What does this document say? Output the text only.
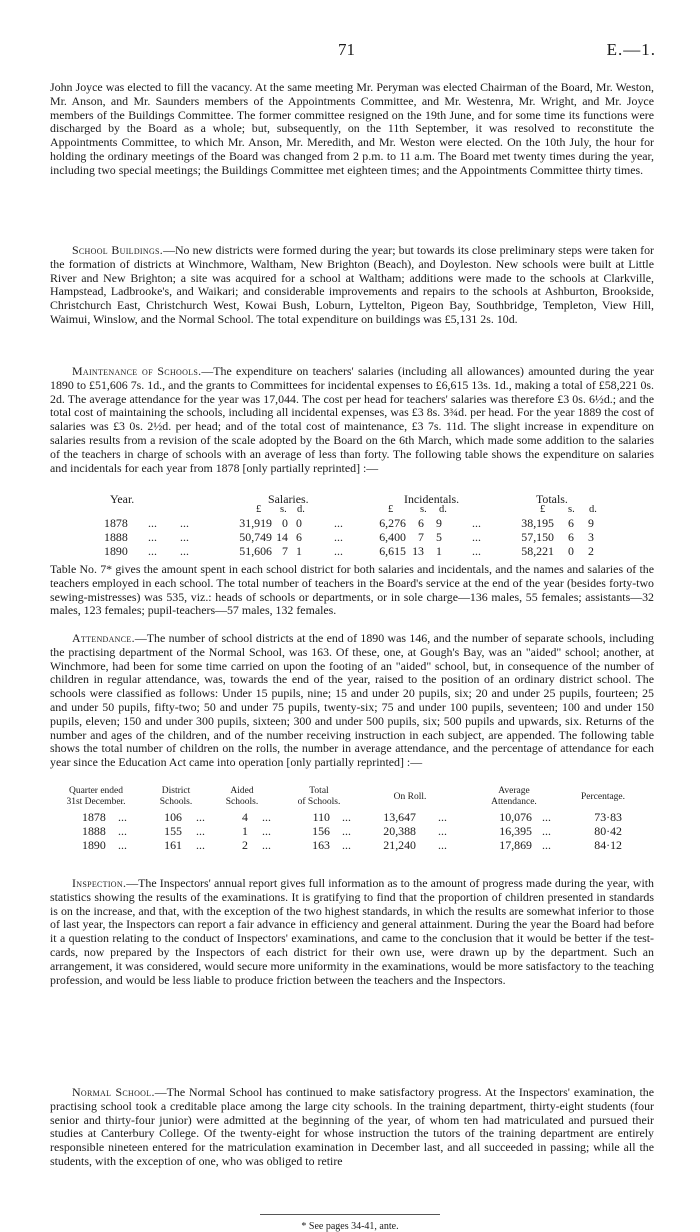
71	E.—1.

John Joyce was elected to fill the vacancy. At the same meeting Mr. Peryman was elected Chairman of the Board, Mr. Weston, Mr. Anson, and Mr. Saunders members of the Appointments Committee, and Mr. Westenra, Mr. Wright, and Mr. Joyce members of the Buildings Committee. The former committee resigned on the 19th June, and for some time its functions were discharged by the Board as a whole; but, subsequently, on the 11th September, it was resolved to reconstitute the Appointments Committee, to which Mr. Anson, Mr. Meredith, and Mr. Weston were elected. On the 10th July, the hour for holding the ordinary meetings of the Board was changed from 2 p.m. to 11 a.m. The Board met twenty times during the year, including two special meetings; the Buildings Committee met eighteen times; and the Appointments Committee thirty times.

School Buildings.—No new districts were formed during the year; but towards its close preliminary steps were taken for the formation of districts at Winchmore, Waltham, New Brighton (Beach), and Doyleston. New schools were built at Little River and New Brighton; a site was acquired for a school at Waltham; additions were made to the schools at Clarkville, Hampstead, Ladbrooke's, and Waikari; and considerable improvements and repairs to the schools at Ashburton, Brookside, Christchurch East, Christchurch West, Kowai Bush, Loburn, Lyttelton, Pigeon Bay, Southbridge, Templeton, View Hill, Waimui, Winslow, and the Normal School. The total expenditure on buildings was £5,131 2s. 10d.

Maintenance of Schools.—The expenditure on teachers' salaries (including all allowances) amounted during the year 1890 to £51,606 7s. 1d., and the grants to Committees for incidental expenses to £6,615 13s. 1d., making a total of £58,221 0s. 2d. The average attendance for the year was 17,044. The cost per head for teachers' salaries was therefore £3 0s. 6½d.; and the total cost of maintaining the schools, including all incidental expenses, was £3 8s. 3¾d. per head. For the year 1889 the cost of salaries was £3 0s. 2½d. per head; and of the total cost of maintenance, £3 7s. 11d. The slight increase in expenditure on salaries results from a revision of the scale adopted by the Board on the 6th March, which made some addition to the salaries of the teachers in charge of schools with an average of less than forty. The following table shows the expenditure on salaries and incidentals for each year from 1878 [only partially reprinted] :—

Year.	Salaries.	Incidentals.	Totals.
£ s. d.	£	s. d.	£ s. d.
1878 ... ...	31,919 0 0	...	6,276	6	9	...	38,195	6	9
1888 ... ...	50,749 14 6	...	6,400	7	5	...	57,150	6	3
1890 ... ...	51,606 7 1	...	6,615 13	1	...	58,221	0	2

Table No. 7* gives the amount spent in each school district for both salaries and incidentals, and the names and salaries of the teachers employed in each school. The total number of teachers in the Board's service at the end of the year (besides forty-two sewing-mistresses) was 535, viz.: heads of schools or departments, or in sole charge—136 males, 55 females; assistants—32 males, 123 females; pupil-teachers—57 males, 132 females.

Attendance.—The number of school districts at the end of 1890 was 146, and the number of separate schools, including the practising department of the Normal School, was 163. Of these, one, at Gough's Bay, was an "aided" school; another, at Winchmore, had been for some time carried on upon the footing of an "aided" school, but, in consequence of the number of children in regular attendance, was, towards the end of the year, raised to the position of an ordinary district school. The schools were classified as follows: Under 15 pupils, nine; 15 and under 20 pupils, six; 20 and under 25 pupils, fourteen; 25 and under 50 pupils, fifty-two; 50 and under 75 pupils, twenty-six; 75 and under 100 pupils, seventeen; 100 and under 150 pupils, eleven; 150 and under 300 pupils, sixteen; 300 and under 500 pupils, six; 500 pupils and upwards, six. Returns of the number and ages of the children, and of the number receiving instruction in each subject, are appended. The following table shows the total number of children on the rolls, the number in average attendance, and the percentage of attendance for each year since the Education Act came into operation [only partially reprinted] :—

Quarter ended
31st December.
District
Schools.
Aided
Schools.
Total
of Schools.	On Roll.
Average
Attendance.	Percentage.
1878 ...	106 ...	4 ...	110 ...	13,647 ...	10,076 ...	73·83
1888 ...	155 ...	1 ...	156 ...	20,388 ...	16,395 ...	80·42
1890 ...	161 ...	2 ...	163 ...	21,240 ...	17,869 ...	84·12

Inspection.—The Inspectors' annual report gives full information as to the amount of progress made during the year, with statistics showing the results of the examinations. It is gratifying to find that the proportion of children presented in standards is on the increase, and that, with the exception of the two highest standards, in which the results are somewhat inferior to those of last year, the Inspectors can report a fair advance in efficiency and general attainment. During the year the Board had before it a question relating to the conduct of Inspectors' examinations, and came to the conclusion that it would be better if the test-cards, now prepared by the Inspectors of each district for their own use, were drawn up by the department. Such an arrangement, it was considered, would secure more uniformity in the examinations, would be more satisfactory to the teaching profession, and would be less liable to produce friction between the teachers and the Inspectors.

Normal School.—The Normal School has continued to make satisfactory progress. At the Inspectors' examination, the practising school took a creditable place among the large city schools. In the training department, thirty-eight students (four senior and thirty-four junior) were admitted at the beginning of the year, of whom ten had matriculated and pursued their studies at Canterbury College. Of the twenty-eight for whose instruction the tutors of the training department are entirely responsible nineteen entered for the matriculation examination in December last, and all succeeded in passing; while all the students, with the exception of one, who was obliged to retire

* See pages 34-41, ante.
